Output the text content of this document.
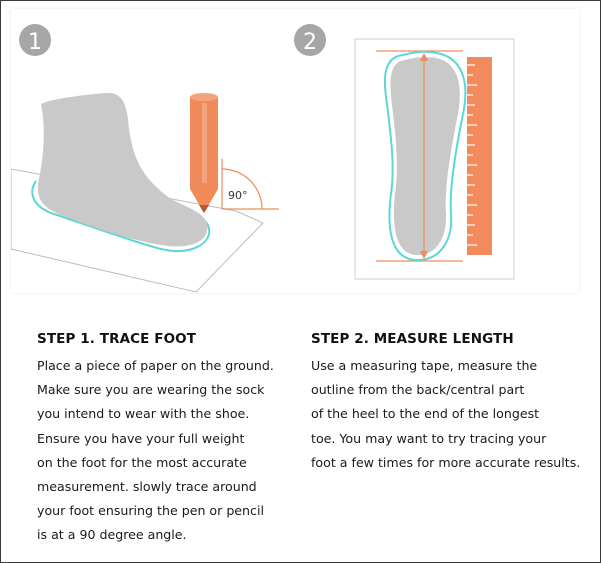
1
90°
2
STEP 1. TRACE FOOT
Place a piece of paper on the ground.
Make sure you are wearing the sock
you intend to wear with the shoe.
Ensure you have your full weight
on the foot for the most accurate
measurement. slowly trace around
your foot ensuring the pen or pencil
is at a 90 degree angle.
STEP 2. MEASURE LENGTH
Use a measuring tape, measure the
outline from the back/central part
of the heel to the end of the longest
toe. You may want to try tracing your
foot a few times for more accurate results.
